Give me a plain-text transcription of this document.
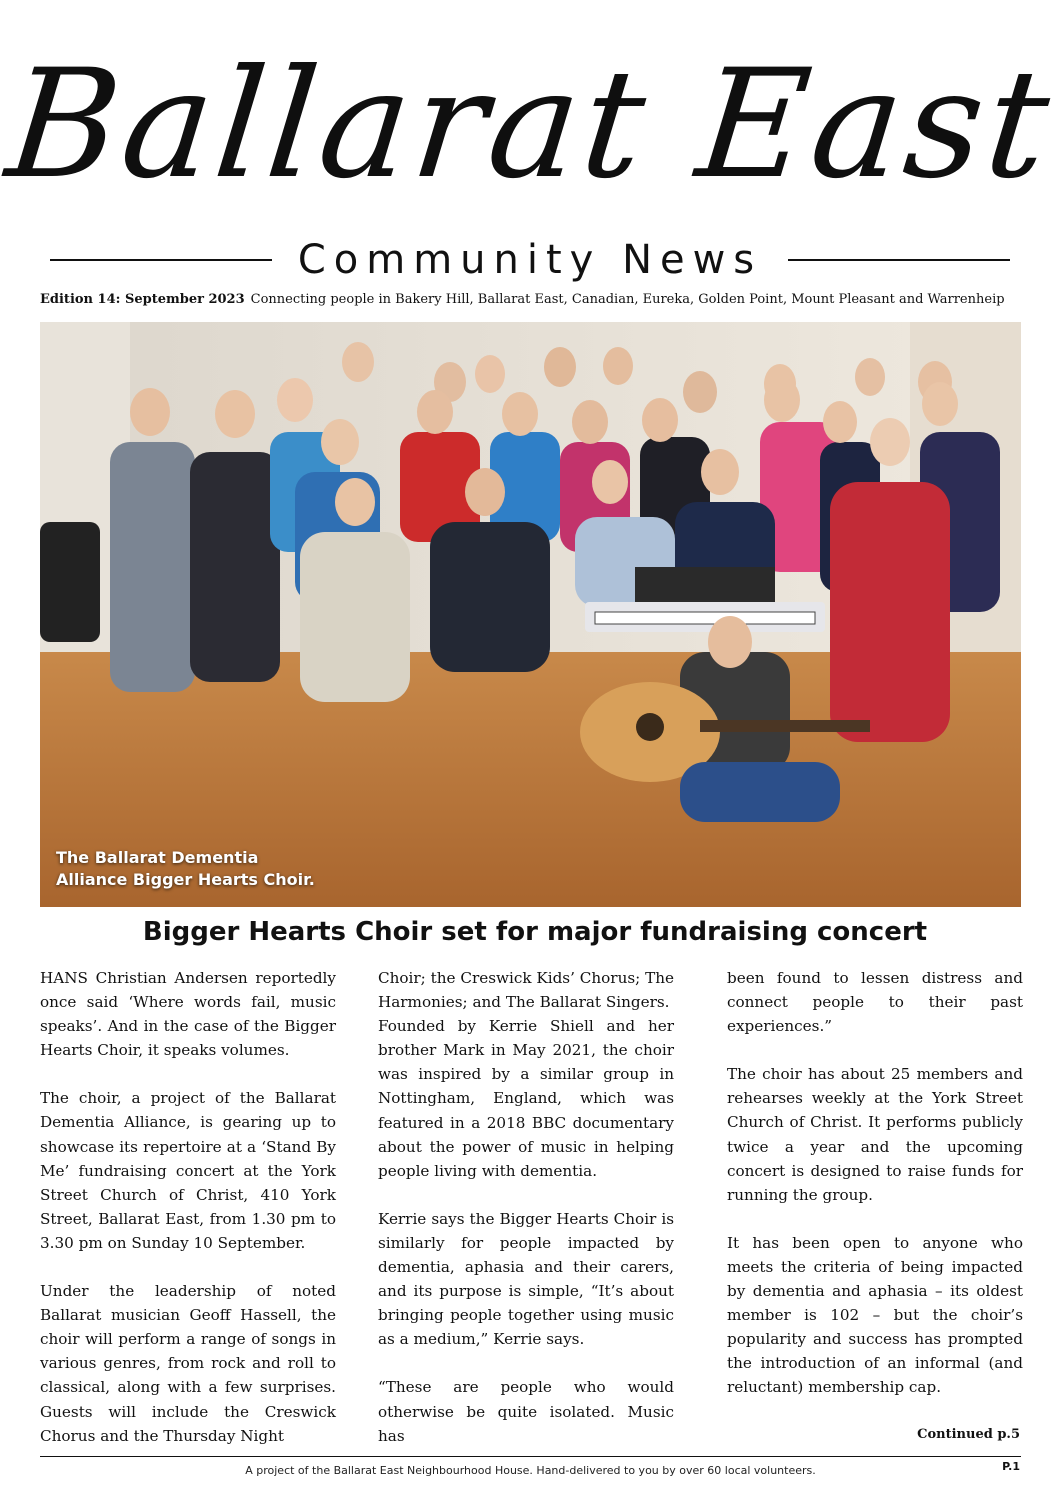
Ballarat East
Community News
Edition 14: September 2023 Connecting people in Bakery Hill, Ballarat East, Canadian, Eureka, Golden Point, Mount Pleasant and Warrenheip
The Ballarat Dementia
Alliance Bigger Hearts Choir.
Bigger Hearts Choir set for major fundraising concert

HANS Christian Andersen reportedly once said ‘Where words fail, music speaks’. And in the case of the Bigger Hearts Choir, it speaks volumes.

The choir, a project of the Ballarat Dementia Alliance, is gearing up to showcase its repertoire at a ‘Stand By Me’ fundraising concert at the York Street Church of Christ, 410 York Street, Ballarat East, from 1.30 pm to 3.30 pm on Sunday 10 September.

Under the leadership of noted Ballarat musician Geoff Hassell, the choir will perform a range of songs in various genres, from rock and roll to classical, along with a few surprises. Guests will include the Creswick Chorus and the Thursday Night

Choir; the Creswick Kids’ Chorus; The Harmonies; and The Ballarat Singers.

Founded by Kerrie Shiell and her brother Mark in May 2021, the choir was inspired by a similar group in Nottingham, England, which was featured in a 2018 BBC documentary about the power of music in helping people living with dementia.

Kerrie says the Bigger Hearts Choir is similarly for people impacted by dementia, aphasia and their carers, and its purpose is simple, “It’s about bringing people together using music as a medium,” Kerrie says.

“These are people who would otherwise be quite isolated. Music has

been found to lessen distress and connect people to their past experiences.”

The choir has about 25 members and rehearses weekly at the York Street Church of Christ. It performs publicly twice a year and the upcoming concert is designed to raise funds for running the group.

It has been open to anyone who meets the criteria of being impacted by dementia and aphasia – its oldest member is 102 – but the choir’s popularity and success has prompted the introduction of an informal (and reluctant) membership cap.

Continued p.5
A project of the Ballarat East Neighbourhood House. Hand-delivered to you by over 60 local volunteers.	P.1
